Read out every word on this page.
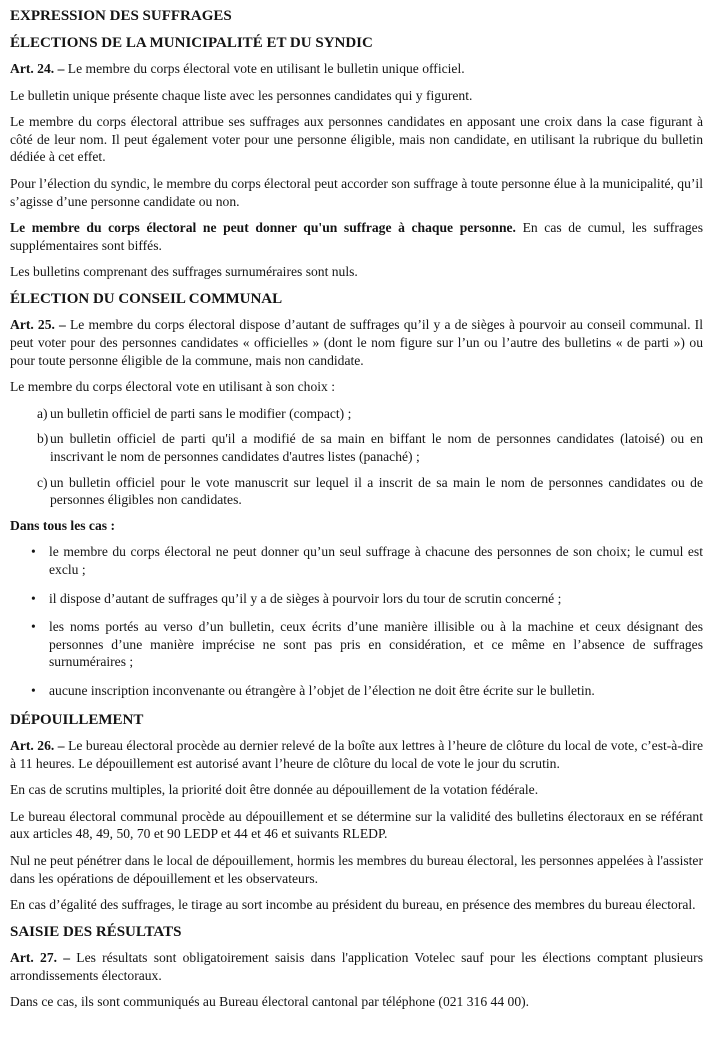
EXPRESSION DES SUFFRAGES
ÉLECTIONS DE LA MUNICIPALITÉ ET DU SYNDIC

Art. 24. – Le membre du corps électoral vote en utilisant le bulletin unique officiel.

Le bulletin unique présente chaque liste avec les personnes candidates qui y figurent.

Le membre du corps électoral attribue ses suffrages aux personnes candidates en apposant une croix dans la case figurant à côté de leur nom. Il peut également voter pour une personne éligible, mais non candidate, en utilisant la rubrique du bulletin dédiée à cet effet.

Pour l’élection du syndic, le membre du corps électoral peut accorder son suffrage à toute personne élue à la municipalité, qu’il s’agisse d’une personne candidate ou non.

Le membre du corps électoral ne peut donner qu'un suffrage à chaque personne. En cas de cumul, les suffrages supplémentaires sont biffés.

Les bulletins comprenant des suffrages surnuméraires sont nuls.

ÉLECTION DU CONSEIL COMMUNAL

Art. 25. – Le membre du corps électoral dispose d’autant de suffrages qu’il y a de sièges à pourvoir au conseil communal. Il peut voter pour des personnes candidates « officielles » (dont le nom figure sur l’un ou l’autre des bulletins « de parti ») ou pour toute personne éligible de la commune, mais non candidate.

Le membre du corps électoral vote en utilisant à son choix :

a) un bulletin officiel de parti sans le modifier (compact) ;
b) un bulletin officiel de parti qu'il a modifié de sa main en biffant le nom de personnes candidates (latoisé) ou en inscrivant le nom de personnes candidates d'autres listes (panaché) ;
c) un bulletin officiel pour le vote manuscrit sur lequel il a inscrit de sa main le nom de personnes candidates ou de personnes éligibles non candidates.

Dans tous les cas :

• le membre du corps électoral ne peut donner qu’un seul suffrage à chacune des personnes de son choix; le cumul est exclu ;
• il dispose d’autant de suffrages qu’il y a de sièges à pourvoir lors du tour de scrutin concerné ;
• les noms portés au verso d’un bulletin, ceux écrits d’une manière illisible ou à la machine et ceux désignant des personnes d’une manière imprécise ne sont pas pris en considération, et ce même en l’absence de suffrages surnuméraires ;
• aucune inscription inconvenante ou étrangère à l’objet de l’élection ne doit être écrite sur le bulletin.
DÉPOUILLEMENT

Art. 26. – Le bureau électoral procède au dernier relevé de la boîte aux lettres à l’heure de clôture du local de vote, c’est-à-dire à 11 heures. Le dépouillement est autorisé avant l’heure de clôture du local de vote le jour du scrutin.

En cas de scrutins multiples, la priorité doit être donnée au dépouillement de la votation fédérale.

Le bureau électoral communal procède au dépouillement et se détermine sur la validité des bulletins électoraux en se référant aux articles 48, 49, 50, 70 et 90 LEDP et 44 et 46 et suivants RLEDP.

Nul ne peut pénétrer dans le local de dépouillement, hormis les membres du bureau électoral, les personnes appelées à l'assister dans les opérations de dépouillement et les observateurs.

En cas d’égalité des suffrages, le tirage au sort incombe au président du bureau, en présence des membres du bureau électoral.

SAISIE DES RÉSULTATS

Art. 27. – Les résultats sont obligatoirement saisis dans l'application Votelec sauf pour les élections comptant plusieurs arrondissements électoraux.

Dans ce cas, ils sont communiqués au Bureau électoral cantonal par téléphone (021 316 44 00).
